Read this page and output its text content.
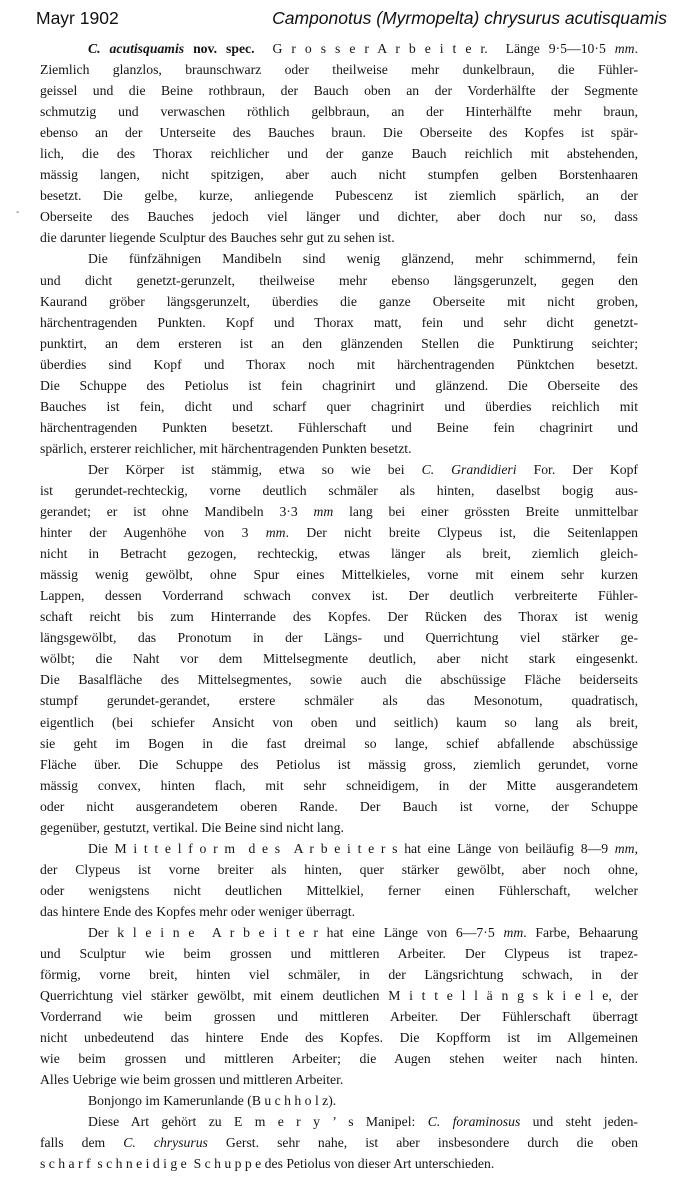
Mayr 1902	Camponotus (Myrmopelta) chrysurus acutisquamis
-
C. acutisquamis nov. spec.  G r o s s e r A r b e i t e r.  Länge 9·5—10·5 mm.
Ziemlich glanzlos, braunschwarz oder theilweise mehr dunkelbraun, die Fühler-
geissel und die Beine rothbraun, der Bauch oben an der Vorderhälfte der Segmente
schmutzig und verwaschen röthlich gelbbraun, an der Hinterhälfte mehr braun,
ebenso an der Unterseite des Bauches braun. Die Oberseite des Kopfes ist spär-
lich, die des Thorax reichlicher und der ganze Bauch reichlich mit abstehenden,
mässig langen, nicht spitzigen, aber auch nicht stumpfen gelben Borstenhaaren
besetzt. Die gelbe, kurze, anliegende Pubescenz ist ziemlich spärlich, an der
Oberseite des Bauches jedoch viel länger und dichter, aber doch nur so, dass
die darunter liegende Sculptur des Bauches sehr gut zu sehen ist.
Die fünfzähnigen Mandibeln sind wenig glänzend, mehr schimmernd, fein
und dicht genetzt-gerunzelt, theilweise mehr ebenso längsgerunzelt, gegen den
Kaurand gröber längsgerunzelt, überdies die ganze Oberseite mit nicht groben,
härchentragenden Punkten. Kopf und Thorax matt, fein und sehr dicht genetzt-
punktirt, an dem ersteren ist an den glänzenden Stellen die Punktirung seichter;
überdies sind Kopf und Thorax noch mit härchentragenden Pünktchen besetzt.
Die Schuppe des Petiolus ist fein chagrinirt und glänzend. Die Oberseite des
Bauches ist fein, dicht und scharf quer chagrinirt und überdies reichlich mit
härchentragenden Punkten besetzt. Fühlerschaft und Beine fein chagrinirt und
spärlich, ersterer reichlicher, mit härchentragenden Punkten besetzt.
Der Körper ist stämmig, etwa so wie bei C. Grandidieri For. Der Kopf
ist gerundet-rechteckig, vorne deutlich schmäler als hinten, daselbst bogig aus-
gerandet; er ist ohne Mandibeln 3·3 mm lang bei einer grössten Breite unmittelbar
hinter der Augenhöhe von 3 mm. Der nicht breite Clypeus ist, die Seitenlappen
nicht in Betracht gezogen, rechteckig, etwas länger als breit, ziemlich gleich-
mässig wenig gewölbt, ohne Spur eines Mittelkieles, vorne mit einem sehr kurzen
Lappen, dessen Vorderrand schwach convex ist. Der deutlich verbreiterte Fühler-
schaft reicht bis zum Hinterrande des Kopfes. Der Rücken des Thorax ist wenig
längsgewölbt, das Pronotum in der Längs- und Querrichtung viel stärker ge-
wölbt; die Naht vor dem Mittelsegmente deutlich, aber nicht stark eingesenkt.
Die Basalfläche des Mittelsegmentes, sowie auch die abschüssige Fläche beiderseits
stumpf gerundet-gerandet, erstere schmäler als das Mesonotum, quadratisch,
eigentlich (bei schiefer Ansicht von oben und seitlich) kaum so lang als breit,
sie geht im Bogen in die fast dreimal so lange, schief abfallende abschüssige
Fläche über. Die Schuppe des Petiolus ist mässig gross, ziemlich gerundet, vorne
mässig convex, hinten flach, mit sehr schneidigem, in der Mitte ausgerandetem
oder nicht ausgerandetem oberen Rande. Der Bauch ist vorne, der Schuppe
gegenüber, gestutzt, vertikal. Die Beine sind nicht lang.
Die M i t t e l f o r m  d e s  A r b e i t e r s hat eine Länge von beiläufig 8—9 mm,
der Clypeus ist vorne breiter als hinten, quer stärker gewölbt, aber noch ohne,
oder wenigstens nicht deutlichen Mittelkiel, ferner einen Fühlerschaft, welcher
das hintere Ende des Kopfes mehr oder weniger überragt.
Der k l e i n e  A r b e i t e r hat eine Länge von 6—7·5 mm. Farbe, Behaarung
und Sculptur wie beim grossen und mittleren Arbeiter. Der Clypeus ist trapez-
förmig, vorne breit, hinten viel schmäler, in der Längsrichtung schwach, in der
Querrichtung viel stärker gewölbt, mit einem deutlichen M i t t e l l ä n g s k i e l e, der
Vorderrand wie beim grossen und mittleren Arbeiter. Der Fühlerschaft überragt
nicht unbedeutend das hintere Ende des Kopfes. Die Kopfform ist im Allgemeinen
wie beim grossen und mittleren Arbeiter; die Augen stehen weiter nach hinten.
Alles Uebrige wie beim grossen und mittleren Arbeiter.
Bonjongo im Kamerunlande (B u c h h o l z).
Diese Art gehört zu E m e r y ’ s Manipel: C. foraminosus und steht jeden-
falls dem C. chrysurus Gerst. sehr nahe, ist aber insbesondere durch die oben
s c h a r f  s c h n e i d i g e  S c h u p p e des Petiolus von dieser Art unterschieden.
